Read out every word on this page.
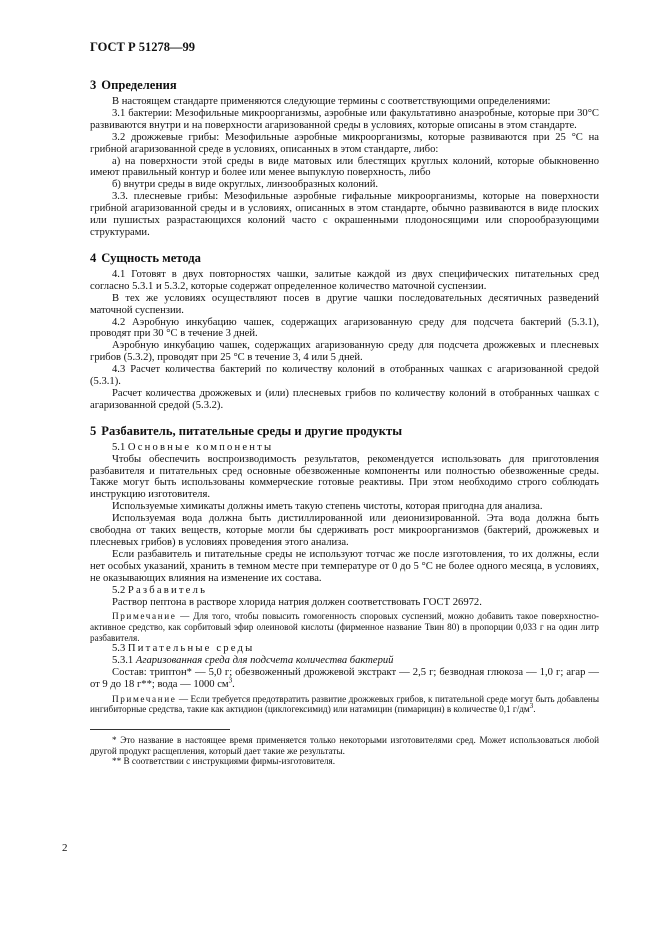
ГОСТ Р 51278—99
3 Определения

В настоящем стандарте применяются следующие термины с соответствующими определениями:

3.1 бактерии: Мезофильные микроорганизмы, аэробные или факультативно анаэробные, которые при 30°С развиваются внутри и на поверхности агаризованной среды в условиях, которые описаны в этом стандарте.

3.2 дрожжевые грибы: Мезофильные аэробные микроорганизмы, которые развиваются при 25 °С на грибной агаризованной среде в условиях, описанных в этом стандарте, либо:

а) на поверхности этой среды в виде матовых или блестящих круглых колоний, которые обыкновенно имеют правильный контур и более или менее выпуклую поверхность, либо

б) внутри среды в виде округлых, линзообразных колоний.

3.3. плесневые грибы: Мезофильные аэробные гифальные микроорганизмы, которые на поверхности грибной агаризованной среды и в условиях, описанных в этом стандарте, обычно развиваются в виде плоских или пушистых разрастающихся колоний часто с окрашенными плодоносящими или спорообразующими структурами.

4 Сущность метода

4.1 Готовят в двух повторностях чашки, залитые каждой из двух специфических питательных сред согласно 5.3.1 и 5.3.2, которые содержат определенное количество маточной суспензии.

В тех же условиях осуществляют посев в другие чашки последовательных десятичных разведений маточной суспензии.

4.2 Аэробную инкубацию чашек, содержащих агаризованную среду для подсчета бактерий (5.3.1), проводят при 30 °С в течение 3 дней.

Аэробную инкубацию чашек, содержащих агаризованную среду для подсчета дрожжевых и плесневых грибов (5.3.2), проводят при 25 °С в течение 3, 4 или 5 дней.

4.3 Расчет количества бактерий по количеству колоний в отобранных чашках с агаризованной средой (5.3.1).

Расчет количества дрожжевых и (или) плесневых грибов по количеству колоний в отобранных чашках с агаризованной средой (5.3.2).

5 Разбавитель, питательные среды и другие продукты

5.1 Основные компоненты

Чтобы обеспечить воспроизводимость результатов, рекомендуется использовать для приготовления разбавителя и питательных сред основные обезвоженные компоненты или полностью обезвоженные среды. Также могут быть использованы коммерческие готовые реактивы. При этом необходимо строго соблюдать инструкцию изготовителя.

Используемые химикаты должны иметь такую степень чистоты, которая пригодна для анализа.

Используемая вода должна быть дистиллированной или деионизированной. Эта вода должна быть свободна от таких веществ, которые могли бы сдерживать рост микроорганизмов (бактерий, дрожжевых и плесневых грибов) в условиях проведения этого анализа.

Если разбавитель и питательные среды не используют тотчас же после изготовления, то их должны, если нет особых указаний, хранить в темном месте при температуре от 0 до 5 °С не более одного месяца, в условиях, не оказывающих влияния на изменение их состава.

5.2 Разбавитель

Раствор пептона в растворе хлорида натрия должен соответствовать ГОСТ 26972.

Примечание — Для того, чтобы повысить гомогенность споровых суспензий, можно добавить такое поверхностно-активное средство, как сорбитовый эфир олеиновой кислоты (фирменное название Твин 80) в пропорции 0,033 г на один литр разбавителя.

5.3 Питательные среды

5.3.1 Агаризованная среда для подсчета количества бактерий

Состав: триптон* — 5,0 г; обезвоженный дрожжевой экстракт — 2,5 г; безводная глюкоза — 1,0 г; агар — от 9 до 18 г**; вода — 1000 $см^3$.

Примечание — Если требуется предотвратить развитие дрожжевых грибов, к питательной среде могут быть добавлены ингибиторные средства, такие как актидион (циклогексимид) или натамицин (пимарицин) в количестве 0,1 $г/дм^3$.

* Это название в настоящее время применяется только некоторыми изготовителями сред. Может использоваться любой другой продукт расщепления, который дает такие же результаты.

** В соответствии с инструкциями фирмы-изготовителя.

2
